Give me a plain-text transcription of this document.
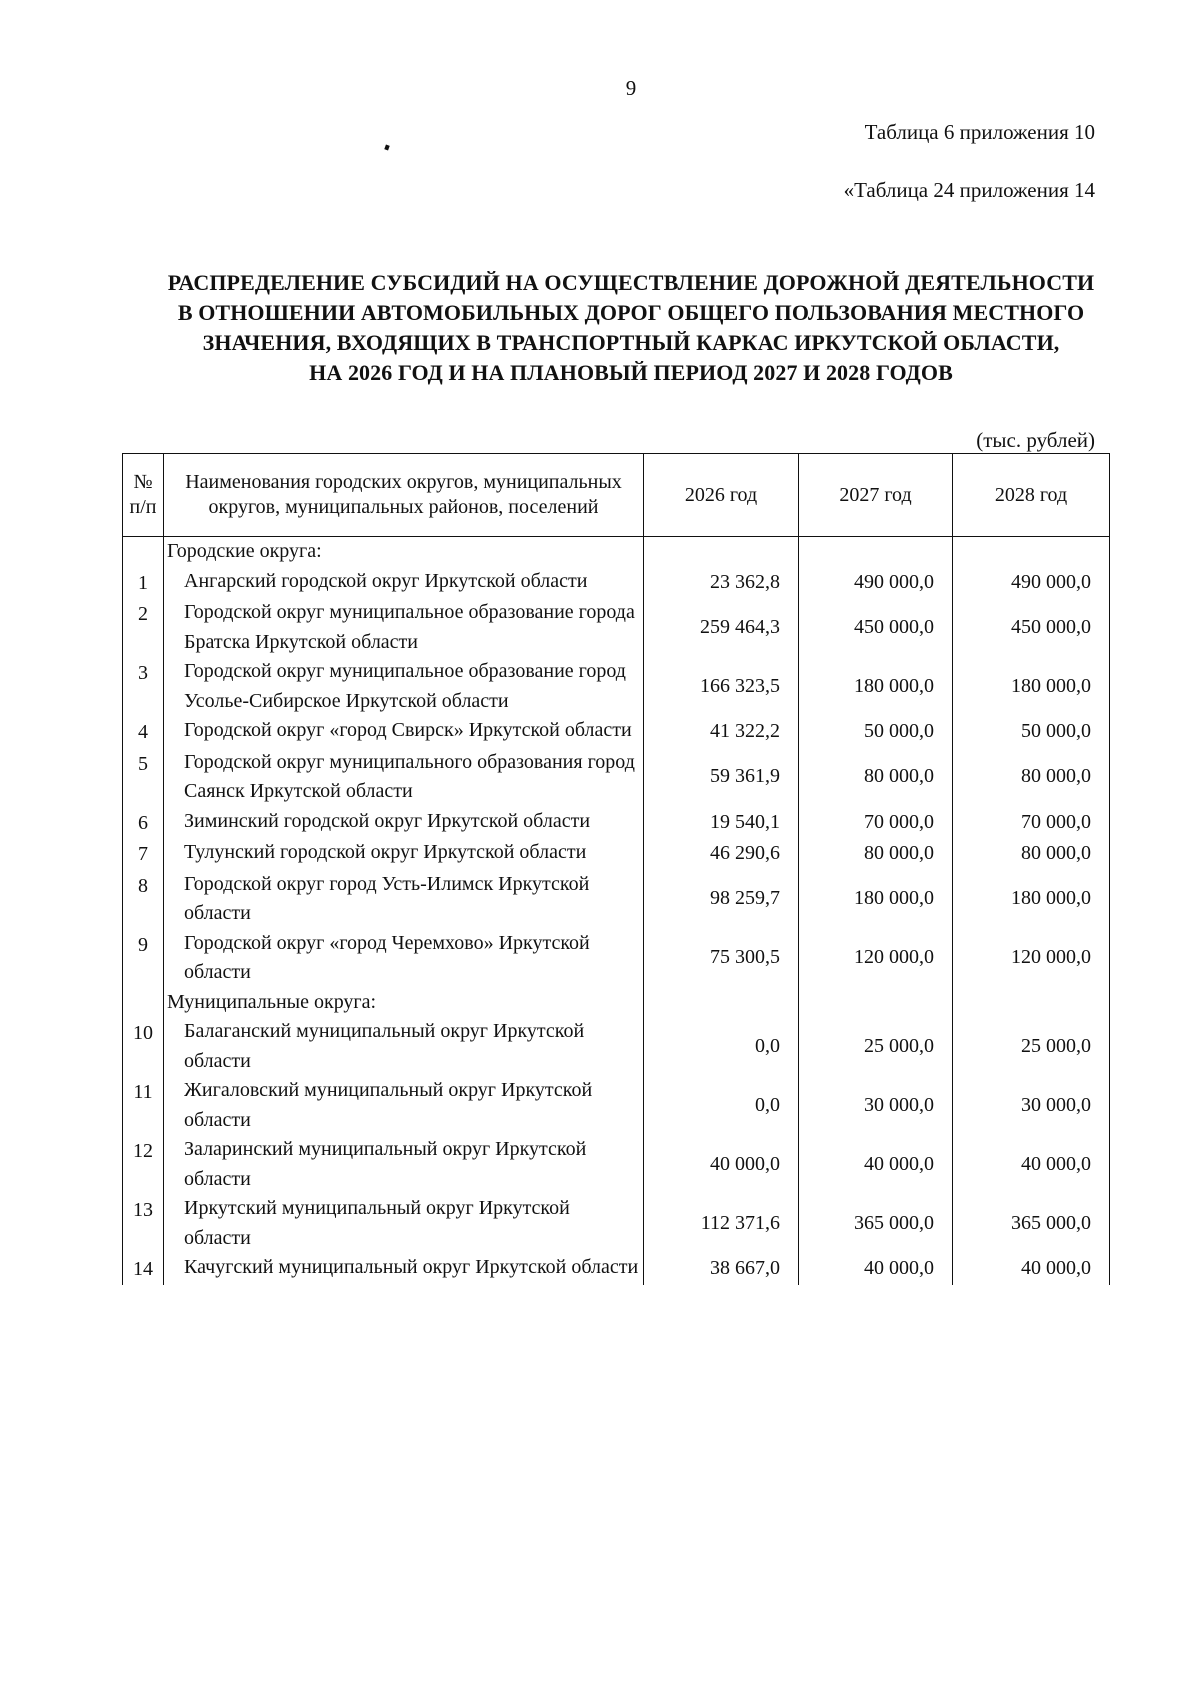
9
Таблица 6 приложения 10
«Таблица 24 приложения 14
РАСПРЕДЕЛЕНИЕ СУБСИДИЙ НА ОСУЩЕСТВЛЕНИЕ ДОРОЖНОЙ ДЕЯТЕЛЬНОСТИ
В ОТНОШЕНИИ АВТОМОБИЛЬНЫХ ДОРОГ ОБЩЕГО ПОЛЬЗОВАНИЯ МЕСТНОГО
ЗНАЧЕНИЯ, ВХОДЯЩИХ В ТРАНСПОРТНЫЙ КАРКАС ИРКУТСКОЙ ОБЛАСТИ,
НА 2026 ГОД И НА ПЛАНОВЫЙ ПЕРИОД 2027 И 2028 ГОДОВ
(тыс. рублей)
№ п/п	Наименования городских округов, муниципальных округов, муниципальных районов, поселений	2026 год	2027 год	2028 год
	Городские округа:			
1	Ангарский городской округ Иркутской области	23 362,8	490 000,0	490 000,0
2	Городской округ муниципальное образование города Братска Иркутской области	259 464,3	450 000,0	450 000,0
3	Городской округ муниципальное образование город Усолье-Сибирское Иркутской области	166 323,5	180 000,0	180 000,0
4	Городской округ «город Свирск» Иркутской области	41 322,2	50 000,0	50 000,0
5	Городской округ муниципального образования город Саянск Иркутской области	59 361,9	80 000,0	80 000,0
6	Зиминский городской округ Иркутской области	19 540,1	70 000,0	70 000,0
7	Тулунский городской округ Иркутской области	46 290,6	80 000,0	80 000,0
8	Городской округ город Усть-Илимск Иркутской области	98 259,7	180 000,0	180 000,0
9	Городской округ «город Черемхово» Иркутской области	75 300,5	120 000,0	120 000,0
	Муниципальные округа:			
10	Балаганский муниципальный округ Иркутской области	0,0	25 000,0	25 000,0
11	Жигаловский муниципальный округ Иркутской области	0,0	30 000,0	30 000,0
12	Заларинский муниципальный округ Иркутской области	40 000,0	40 000,0	40 000,0
13	Иркутский муниципальный округ Иркутской области	112 371,6	365 000,0	365 000,0
14	Качугский муниципальный округ Иркутской области	38 667,0	40 000,0	40 000,0
